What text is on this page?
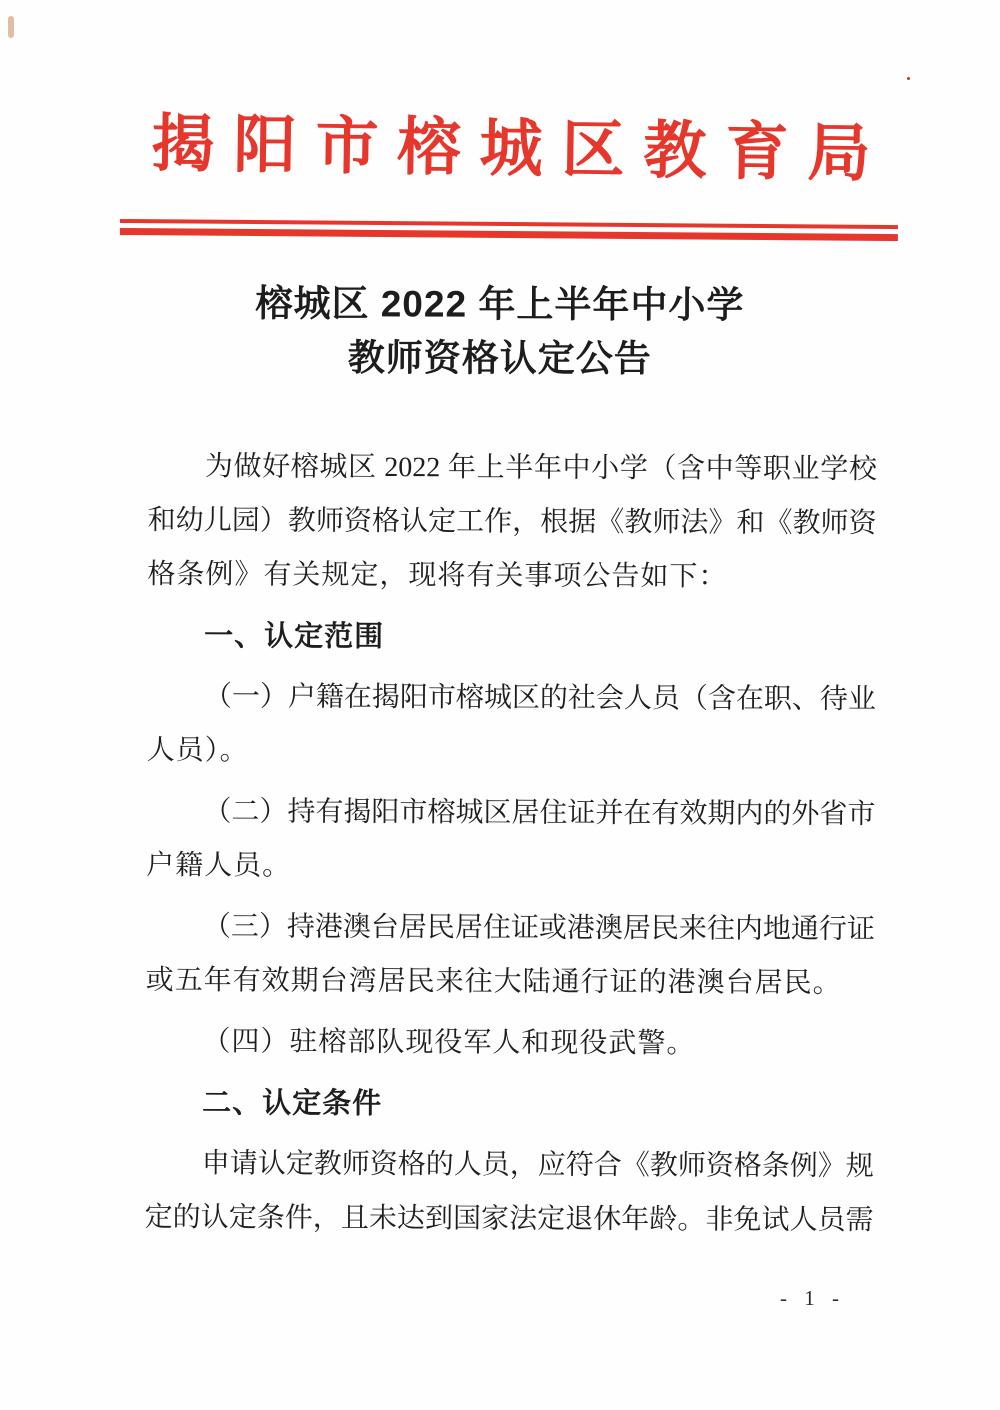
揭阳市榕城区教育局
榕城区 2022 年上半年中小学
教师资格认定公告
为做好榕城区 2022 年上半年中小学（含中等职业学校
和幼儿园）教师资格认定工作，根据《教师法》和《教师资
格条例》有关规定，现将有关事项公告如下：
一、认定范围
（一）户籍在揭阳市榕城区的社会人员（含在职、待业
人员）。
（二）持有揭阳市榕城区居住证并在有效期内的外省市
户籍人员。
（三）持港澳台居民居住证或港澳居民来往内地通行证
或五年有效期台湾居民来往大陆通行证的港澳台居民。
（四）驻榕部队现役军人和现役武警。
二、认定条件
申请认定教师资格的人员，应符合《教师资格条例》规
定的认定条件，且未达到国家法定退休年龄。非免试人员需
- 1 -
